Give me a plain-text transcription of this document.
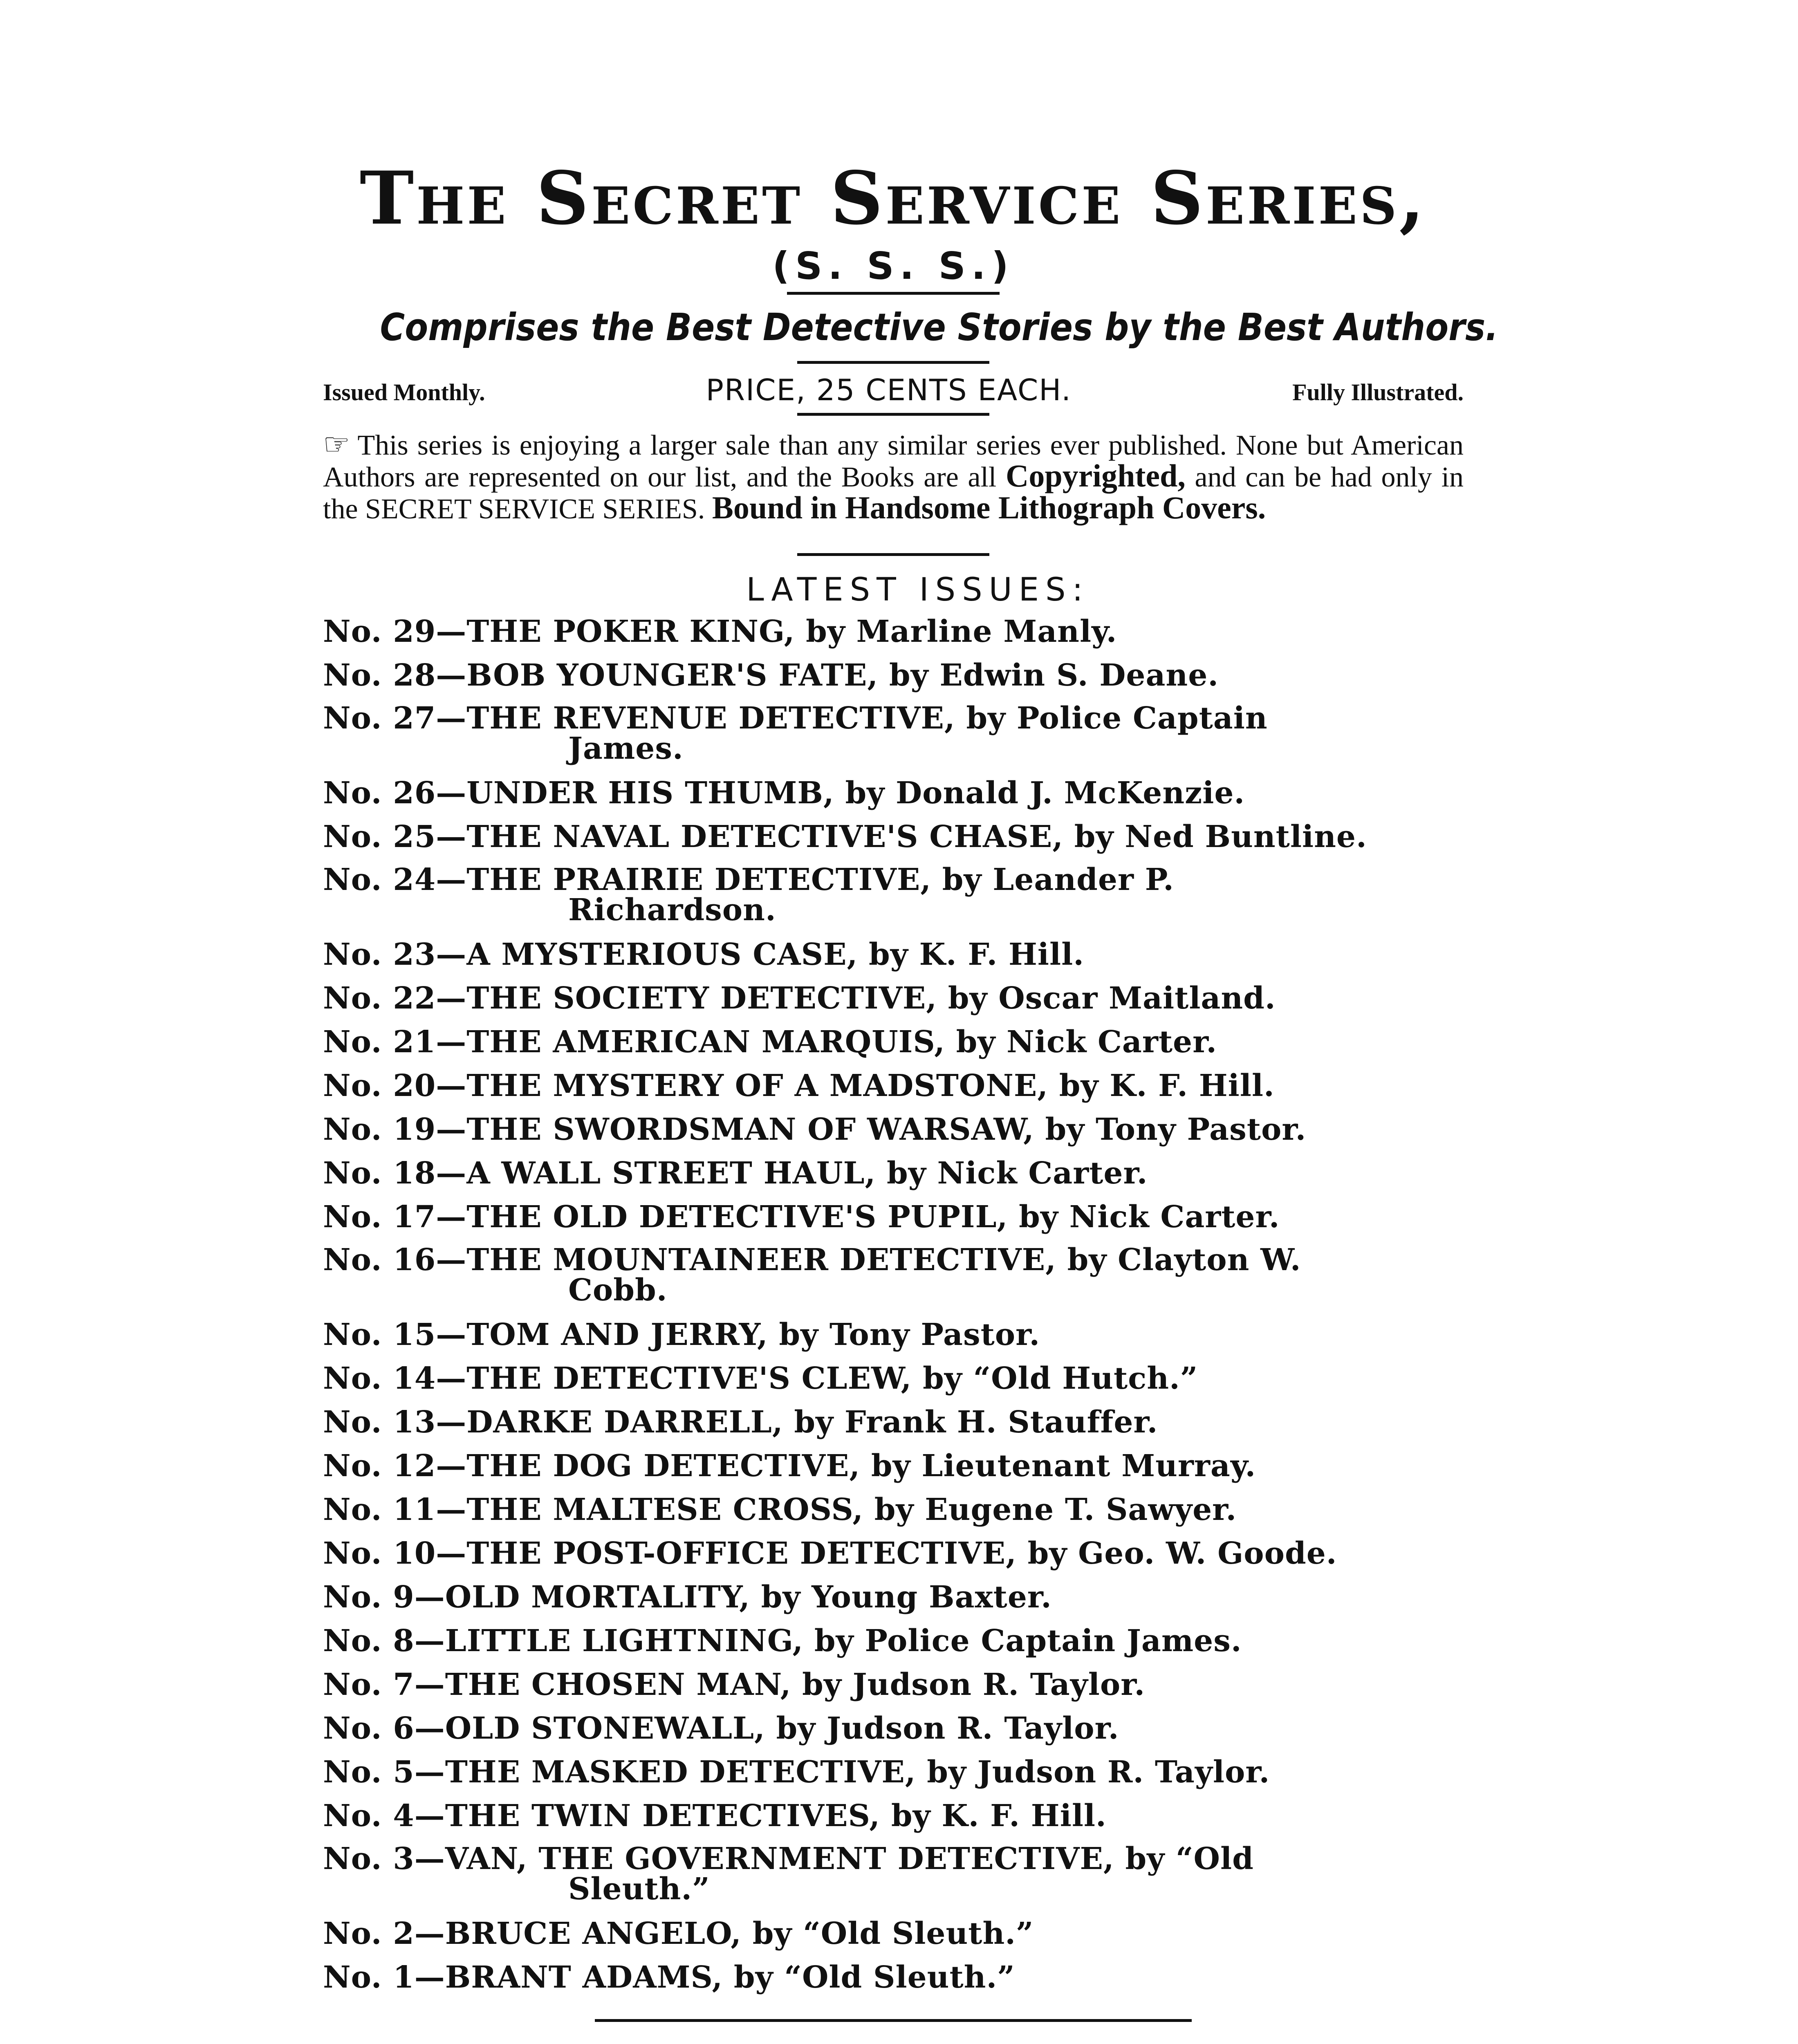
The Secret Service Series,
(S. S. S.)
Comprises the Best Detective Stories by the Best Authors.
Issued Monthly.	PRICE, 25 CENTS EACH.	Fully Illustrated.

☞ This series is enjoying a larger sale than any similar series ever published. None but American Authors are represented on our list, and the Books are all Copyrighted, and can be had only in the SECRET SERVICE SERIES. Bound in Handsome Lithograph Covers.

LATEST ISSUES:
No. 29—THE POKER KING, by Marline Manly.
No. 28—BOB YOUNGER'S FATE, by Edwin S. Deane.
No. 27—THE REVENUE DETECTIVE, by Police Captain
James.
No. 26—UNDER HIS THUMB, by Donald J. McKenzie.
No. 25—THE NAVAL DETECTIVE'S CHASE, by Ned Buntline.
No. 24—THE PRAIRIE DETECTIVE, by Leander P.
Richardson.
No. 23—A MYSTERIOUS CASE, by K. F. Hill.
No. 22—THE SOCIETY DETECTIVE, by Oscar Maitland.
No. 21—THE AMERICAN MARQUIS, by Nick Carter.
No. 20—THE MYSTERY OF A MADSTONE, by K. F. Hill.
No. 19—THE SWORDSMAN OF WARSAW, by Tony Pastor.
No. 18—A WALL STREET HAUL, by Nick Carter.
No. 17—THE OLD DETECTIVE'S PUPIL, by Nick Carter.
No. 16—THE MOUNTAINEER DETECTIVE, by Clayton W.
Cobb.
No. 15—TOM AND JERRY, by Tony Pastor.
No. 14—THE DETECTIVE'S CLEW, by “Old Hutch.”
No. 13—DARKE DARRELL, by Frank H. Stauffer.
No. 12—THE DOG DETECTIVE, by Lieutenant Murray.
No. 11—THE MALTESE CROSS, by Eugene T. Sawyer.
No. 10—THE POST-OFFICE DETECTIVE, by Geo. W. Goode.
No. 9—OLD MORTALITY, by Young Baxter.
No. 8—LITTLE LIGHTNING, by Police Captain James.
No. 7—THE CHOSEN MAN, by Judson R. Taylor.
No. 6—OLD STONEWALL, by Judson R. Taylor.
No. 5—THE MASKED DETECTIVE, by Judson R. Taylor.
No. 4—THE TWIN DETECTIVES, by K. F. Hill.
No. 3—VAN, THE GOVERNMENT DETECTIVE, by “Old
Sleuth.”
No. 2—BRUCE ANGELO, by “Old Sleuth.”
No. 1—BRANT ADAMS, by “Old Sleuth.”
